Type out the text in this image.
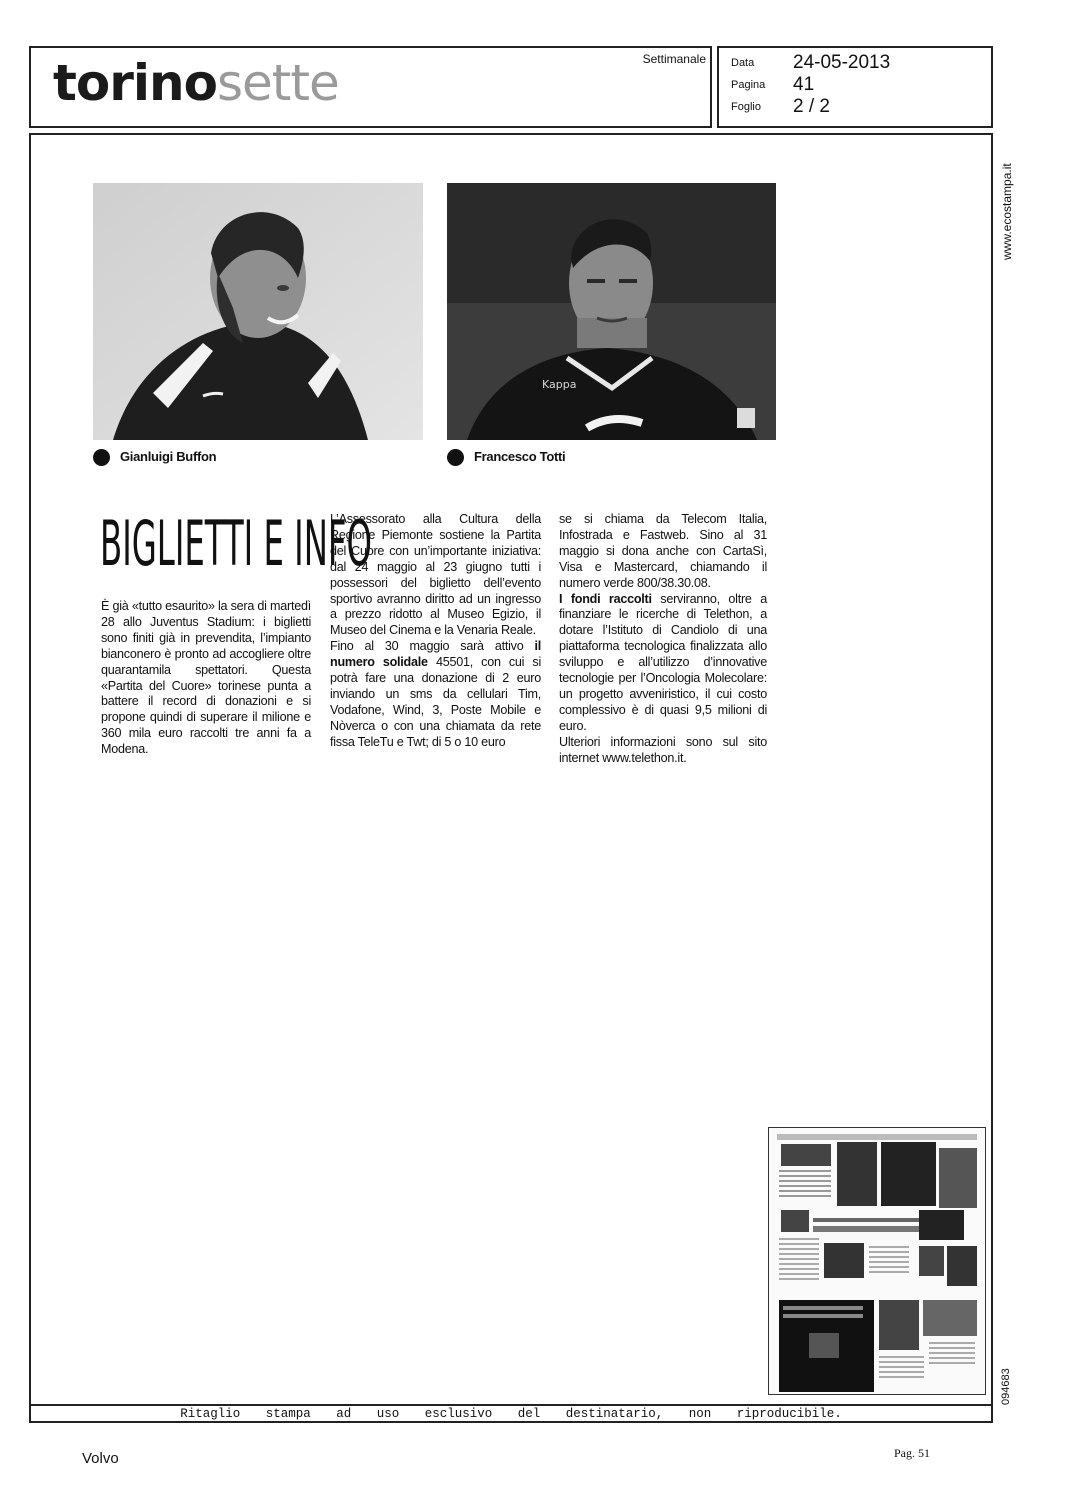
torinosette	Settimanale Data	24-05-2013
Pagina	41
Foglio	2 / 2
Ritaglio stampa ad uso esclusivo del destinatario, non riproducibile.
www.ecostampa.it
094683
Gianluigi Buffon
Kappa
Francesco Totti
BIGLIETTI E INFO

È già «tutto esaurito» la sera di martedì 28 allo Juventus Stadium: i biglietti sono finiti già in prevendita, l’impianto bianconero è pronto ad accogliere oltre quarantamila spettatori. Questa «Partita del Cuore» torinese punta a battere il record di donazioni e si propone quindi di superare il milione e 360 mila euro raccolti tre anni fa a Modena.

L’Assessorato alla Cultura della Regione Piemonte sostiene la Partita del Cuore con un’importante iniziativa: dal 24 maggio al 23 giugno tutti i possessori del biglietto dell’evento sportivo avranno diritto ad un ingresso a prezzo ridotto al Museo Egizio, il Museo del Cinema e la Venaria Reale.

Fino al 30 maggio sarà attivo il numero solidale 45501, con cui si potrà fare una donazione di 2 euro inviando un sms da cellulari Tim, Vodafone, Wind, 3, Poste Mobile e Nòverca o con una chiamata da rete fissa TeleTu e Twt; di 5 o 10 euro

se si chiama da Telecom Italia, Infostrada e Fastweb. Sino al 31 maggio si dona anche con CartaSì, Visa e Mastercard, chiamando il numero verde 800/38.30.08.

I fondi raccolti serviranno, oltre a finanziare le ricerche di Telethon, a dotare l’Istituto di Candiolo di una piattaforma tecnologica finalizzata allo sviluppo e all’utilizzo d’innovative tecnologie per l’Oncologia Molecolare: un progetto avveniristico, il cui costo complessivo è di quasi 9,5 milioni di euro.

Ulteriori informazioni sono sul sito internet www.telethon.it.

Volvo	Pag. 51
